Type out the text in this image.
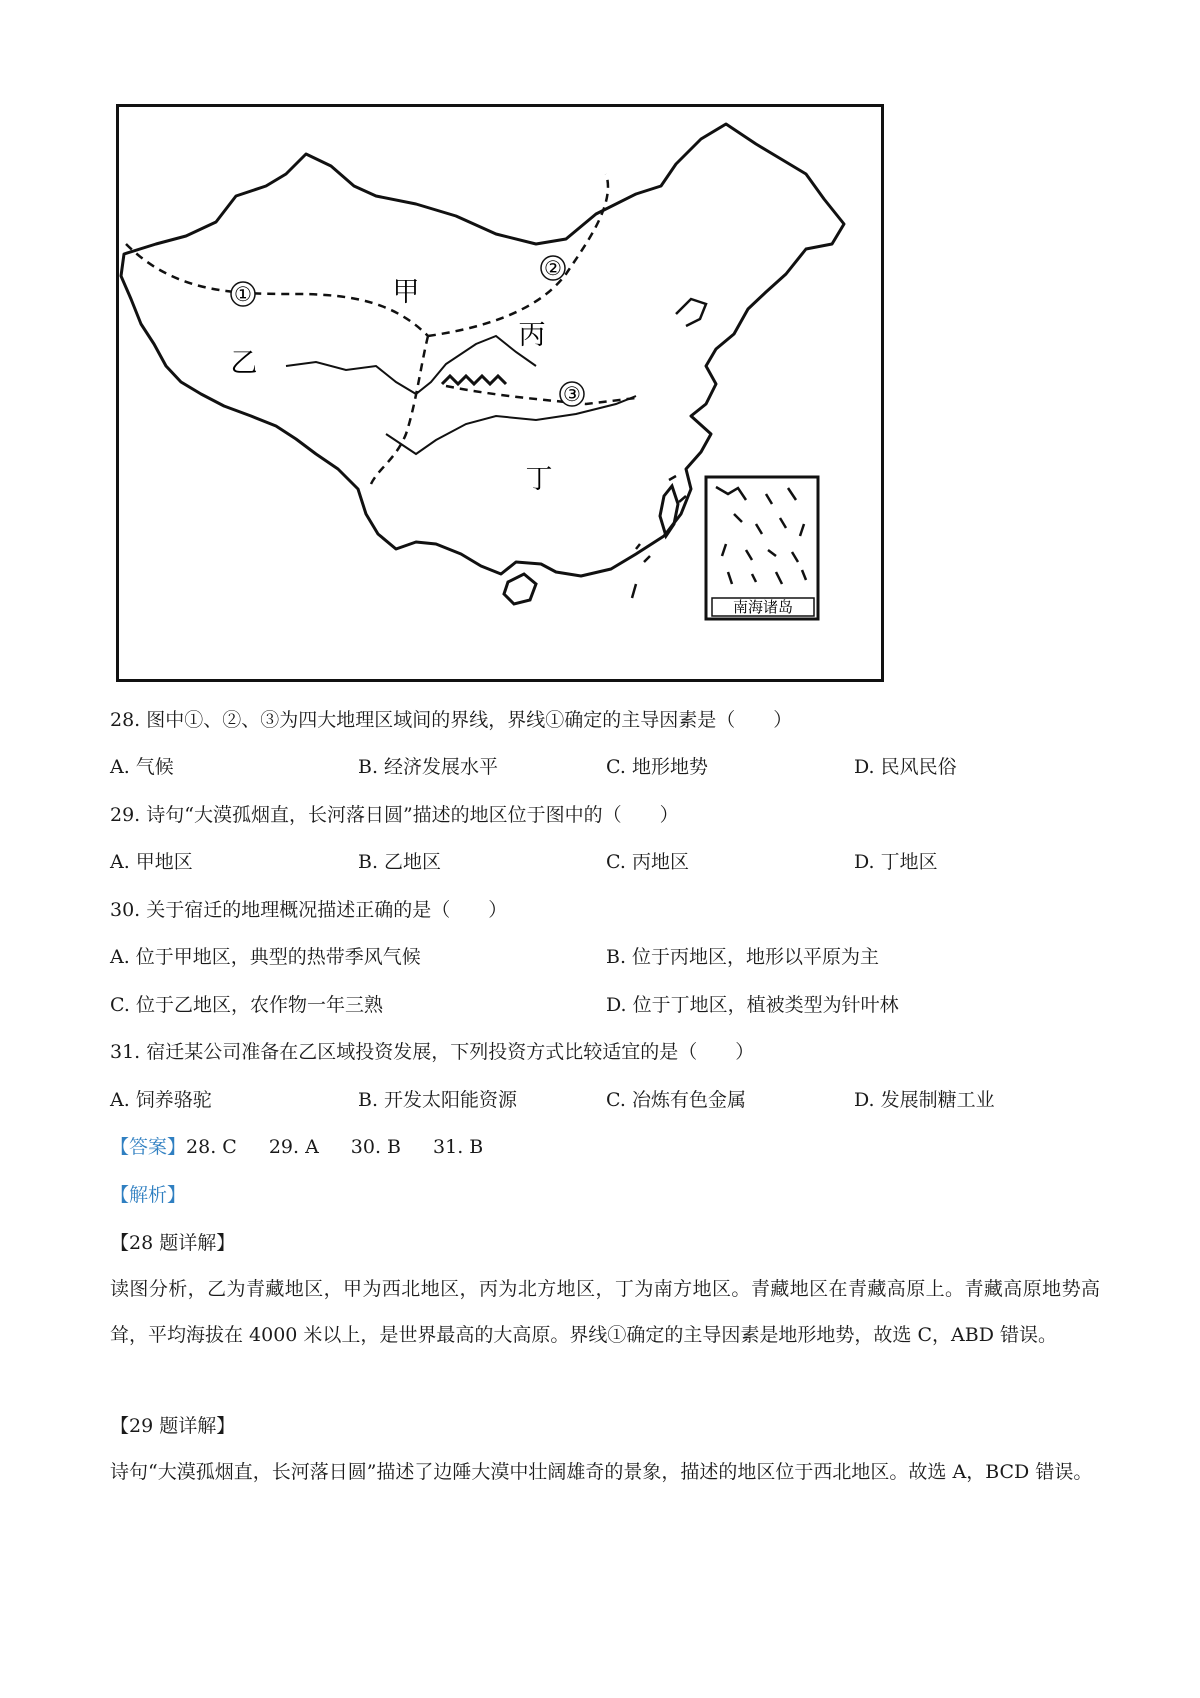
①
②
③
甲
乙
丙
丁
南海诸岛
28. 图中①、②、③为四大地理区域间的界线，界线①确定的主导因素是（　　）
A. 气候	B. 经济发展水平	C. 地形地势	D. 民风民俗
29. 诗句“大漠孤烟直，长河落日圆”描述的地区位于图中的（　　）
A. 甲地区	B. 乙地区	C. 丙地区	D. 丁地区
30. 关于宿迁的地理概况描述正确的是（　　）
A. 位于甲地区，典型的热带季风气候	B. 位于丙地区，地形以平原为主
C. 位于乙地区，农作物一年三熟	D. 位于丁地区，植被类型为针叶林
31. 宿迁某公司准备在乙区域投资发展，下列投资方式比较适宜的是（　　）
A. 饲养骆驼	B. 开发太阳能资源	C. 冶炼有色金属	D. 发展制糖工业
【答案】28. C 29. A 30. B 31. B
【解析】
【28 题详解】
读图分析，乙为青藏地区，甲为西北地区，丙为北方地区，丁为南方地区。青藏地区在青藏高原上。青藏高原地势高耸，平均海拔在 4000 米以上，是世界最高的大高原。界线①确定的主导因素是地形地势，故选 C，ABD 错误。
【29 题详解】
诗句“大漠孤烟直，长河落日圆”描述了边陲大漠中壮阔雄奇的景象，描述的地区位于西北地区。故选 A，BCD 错误。
